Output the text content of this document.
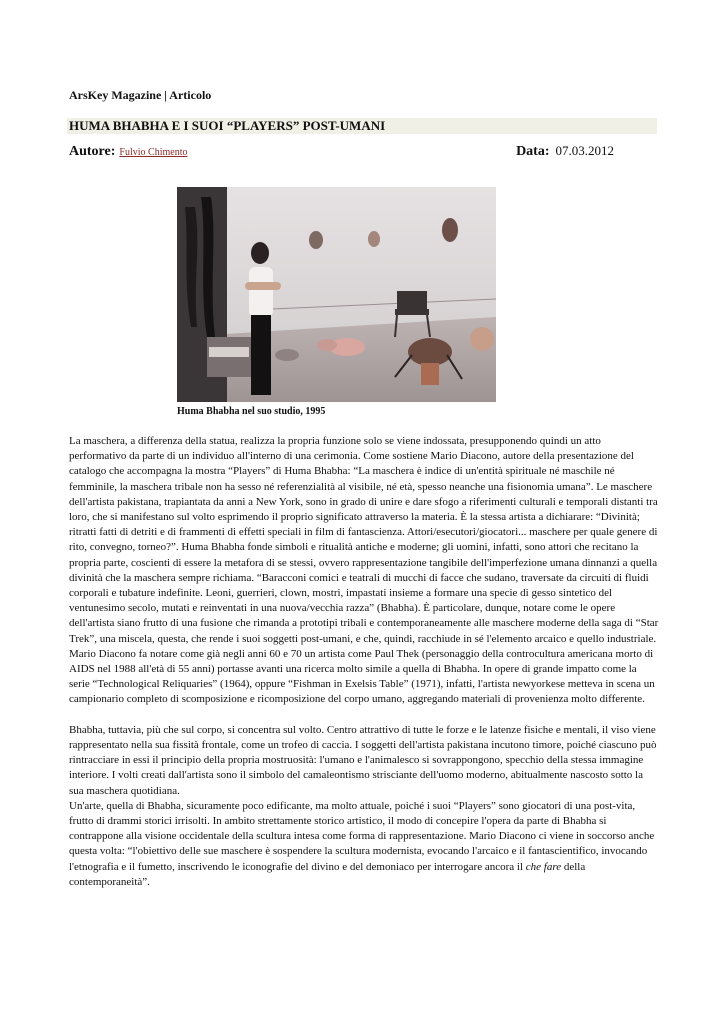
ArsKey Magazine | Articolo
HUMA BHABHA E I SUOI “PLAYERS” POST-UMANI
Autore: Fulvio Chimento	Data: 07.03.2012
Huma Bhabha nel suo studio, 1995

La maschera, a differenza della statua, realizza la propria funzione solo se viene indossata, presupponendo quindi un atto performativo da parte di un individuo all'interno di una cerimonia. Come sostiene Mario Diacono, autore della presentazione del catalogo che accompagna la mostra “Players” di Huma Bhabha: “La maschera è indice di un'entità spirituale né maschile né femminile, la maschera tribale non ha sesso né referenzialità al visibile, né età, spesso neanche una fisionomia umana”. Le maschere dell'artista pakistana, trapiantata da anni a New York, sono in grado di unire e dare sfogo a riferimenti culturali e temporali distanti tra loro, che si manifestano sul volto esprimendo il proprio significato attraverso la materia. È la stessa artista a dichiarare: “Divinità; ritratti fatti di detriti e di frammenti di effetti speciali in film di fantascienza. Attori/esecutori/giocatori... maschere per quale genere di rito, convegno, torneo?”. Huma Bhabha fonde simboli e ritualità antiche e moderne; gli uomini, infatti, sono attori che recitano la propria parte, coscienti di essere la metafora di se stessi, ovvero rappresentazione tangibile dell'imperfezione umana dinnanzi a quella divinità che la maschera sempre richiama. “Baracconi comici e teatrali di mucchi di facce che sudano, traversate da circuiti di fluidi corporali e tubature indefinite. Leoni, guerrieri, clown, mostri, impastati insieme a formare una specie di gesso sintetico del ventunesimo secolo, mutati e reinventati in una nuova/vecchia razza” (Bhabha). È particolare, dunque, notare come le opere dell'artista siano frutto di una fusione che rimanda a prototipi tribali e contemporaneamente alle maschere moderne della saga di “Star Trek”, una miscela, questa, che rende i suoi soggetti post-umani, e che, quindi, racchiude in sé l'elemento arcaico e quello industriale.

Mario Diacono fa notare come già negli anni 60 e 70 un artista come Paul Thek (personaggio della controcultura americana morto di AIDS nel 1988 all'età di 55 anni) portasse avanti una ricerca molto simile a quella di Bhabha. In opere di grande impatto come la serie “Technological Reliquaries” (1964), oppure “Fishman in Exelsis Table” (1971), infatti, l'artista newyorkese metteva in scena un campionario completo di scomposizione e ricomposizione del corpo umano, aggregando materiali di provenienza molto differente.

Bhabha, tuttavia, più che sul corpo, si concentra sul volto. Centro attrattivo di tutte le forze e le latenze fisiche e mentali, il viso viene rappresentato nella sua fissità frontale, come un trofeo di caccia. I soggetti dell'artista pakistana incutono timore, poiché ciascuno può rintracciare in essi il principio della propria mostruosità: l'umano e l'animalesco si sovrappongono, specchio della stessa immagine interiore. I volti creati dall'artista sono il simbolo del camaleontismo strisciante dell'uomo moderno, abitualmente nascosto sotto la sua maschera quotidiana.

Un'arte, quella di Bhabha, sicuramente poco edificante, ma molto attuale, poiché i suoi “Players” sono giocatori di una post-vita, frutto di drammi storici irrisolti. In ambito strettamente storico artistico, il modo di concepire l'opera da parte di Bhabha si contrappone alla visione occidentale della scultura intesa come forma di rappresentazione. Mario Diacono ci viene in soccorso anche questa volta: “l'obiettivo delle sue maschere è sospendere la scultura modernista, evocando l'arcaico e il fantascientifico, invocando l'etnografia e il fumetto, inscrivendo le iconografie del divino e del demoniaco per interrogare ancora il che fare della contemporaneità”.
